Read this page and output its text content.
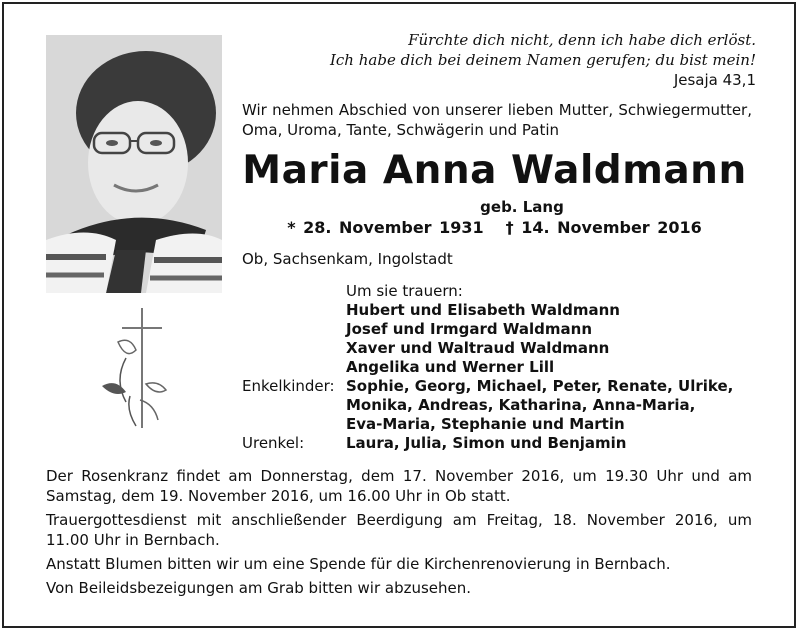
Fürchte dich nicht, denn ich habe dich erlöst.
Ich habe dich bei deinem Namen gerufen; du bist mein!
Jesaja 43,1
Wir nehmen Abschied von unserer lieben Mutter, Schwiegermutter, Oma, Uroma, Tante, Schwägerin und Patin
Maria Anna Waldmann
geb. Lang
* 28. November 1931 † 14. November 2016
Ob, Sachsenkam, Ingolstadt
Um sie trauern:
Hubert und Elisabeth Waldmann
Josef und Irmgard Waldmann
Xaver und Waltraud Waldmann
Angelika und Werner Lill
Enkelkinder: Sophie, Georg, Michael, Peter, Renate, Ulrike,
Monika, Andreas, Katharina, Anna-Maria,
Eva-Maria, Stephanie und Martin
Urenkel:	Laura, Julia, Simon und Benjamin

Der Rosenkranz findet am Donnerstag, dem 17. November 2016, um 19.30 Uhr und am Samstag, dem 19. November 2016, um 16.00 Uhr in Ob statt.

Trauergottesdienst mit anschließender Beerdigung am Freitag, 18. November 2016, um 11.00 Uhr in Bernbach.

Anstatt Blumen bitten wir um eine Spende für die Kirchenrenovierung in Bernbach.

Von Beileidsbezeigungen am Grab bitten wir abzusehen.
